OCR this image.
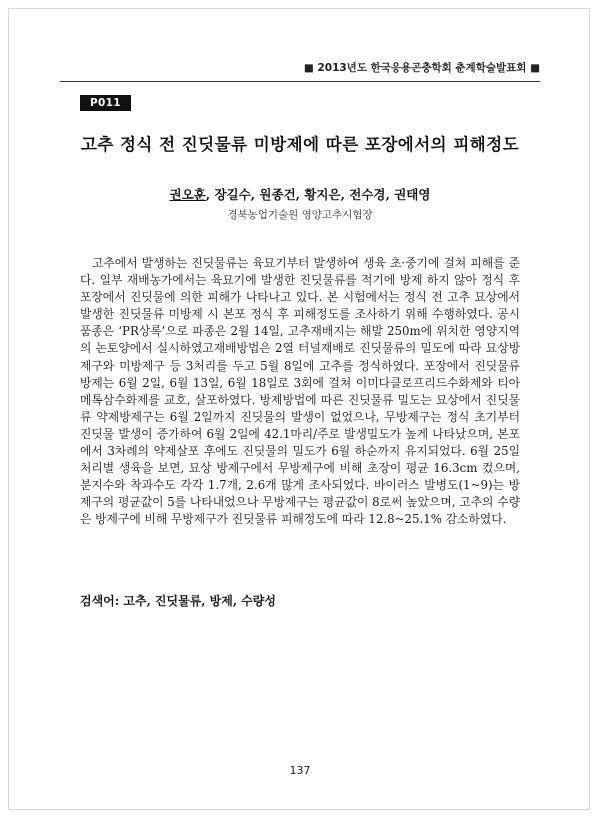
■ 2013년도 한국응용곤충학회 춘계학술발표회 ■
P011
고추 정식 전 진딧물류 미방제에 따른 포장에서의 피해정도
권오훈, 장길수, 원종건, 황지은, 전수경, 권태영
경북농업기술원 영양고추시험장

고추에서 발생하는 진딧물류는 육묘기부터 발생하여 생육 초·중기에 걸쳐 피해를 준다. 일부 재배농가에서는 육묘기에 발생한 진딧물류를 적기에 방제 하지 않아 정식 후 포장에서 진딧물에 의한 피해가 나타나고 있다. 본 시험에서는 정식 전 고추 묘상에서 발생한 진딧물류 미방제 시 본포 정식 후 피해정도를 조사하기 위해 수행하였다. 공시품종은 ‘PR상록’으로 파종은 2월 14일, 고추재배지는 해발 250m에 위치한 영양지역의 논토양에서 실시하였고재배방법은 2열 터널재배로 진딧물류의 밀도에 따라 묘상방제구와 미방제구 등 3처리를 두고 5월 8일에 고추를 정식하였다. 포장에서 진딧물류 방제는 6월 2일, 6월 13일, 6월 18일로 3회에 걸쳐 이미다클로프리드수화제와 티아메톡삼수화제를 교호, 살포하였다. 방제방법에 따른 진딧물류 밀도는 묘상에서 진딧물류 약제방제구는 6월 2일까지 진딧물의 발생이 없었으나, 무방제구는 정식 초기부터 진딧물 발생이 증가하여 6월 2일에 42.1마리/주로 발생밀도가 높게 나타났으며, 본포에서 3차례의 약제살포 후에도 진딧물의 밀도가 6월 하순까지 유지되었다. 6월 25일 처리별 생육을 보면, 묘상 방제구에서 무방제구에 비해 초장이 평균 16.3cm 컸으며, 분지수와 착과수도 각각 1.7개, 2.6개 많게 조사되었다. 바이러스 발병도(1~9)는 방제구의 평균값이 5를 나타내었으나 무방제구는 평균값이 8로써 높았으며, 고추의 수량은 방제구에 비해 무방제구가 진딧물류 피해정도에 따라 12.8~25.1% 감소하였다.

검색어: 고추, 진딧물류, 방제, 수량성
137
